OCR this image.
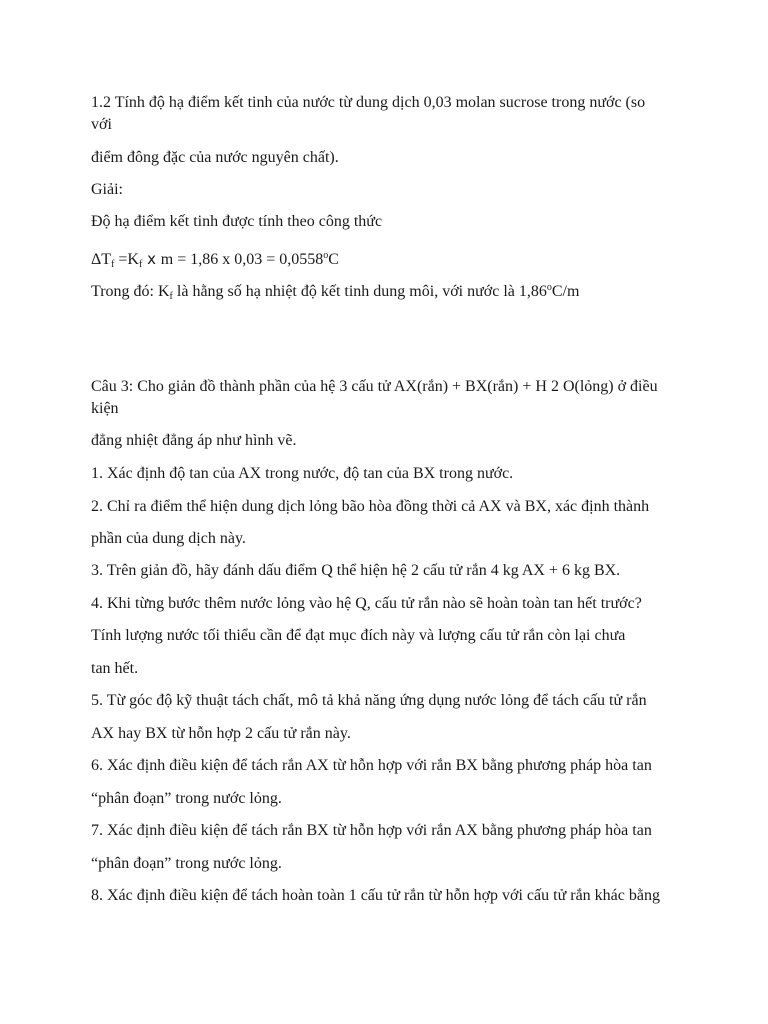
1.2 Tính độ hạ điểm kết tinh của nước từ dung dịch 0,03 molan sucrose trong nước (so
với
điểm đông đặc của nước nguyên chất).
Giải:
Độ hạ điểm kết tinh được tính theo công thức
$\Delta T_f =K_f$ x m = 1,86 x $0,03 = 0,0558^oC$
Trong đó: $K_f$ là hằng số hạ nhiệt độ kết tinh dung môi, với nước là 1,86$^o$C/m
Câu 3: Cho giản đồ thành phần của hệ 3 cấu tử AX(rắn) + BX(rắn) + H 2 O(lỏng) ở điều
kiện
đẳng nhiệt đẳng áp như hình vẽ.
1. Xác định độ tan của AX trong nước, độ tan của BX trong nước.
2. Chỉ ra điểm thể hiện dung dịch lỏng bão hòa đồng thời cả AX và BX, xác định thành
phần của dung dịch này.
3. Trên giản đồ, hãy đánh dấu điểm Q thể hiện hệ 2 cấu tử rắn 4 kg AX + 6 kg BX.
4. Khi từng bước thêm nước lỏng vào hệ Q, cấu tử rắn nào sẽ hoàn toàn tan hết trước?
Tính lượng nước tối thiểu cần để đạt mục đích này và lượng cấu tử rắn còn lại chưa
tan hết.
5. Từ góc độ kỹ thuật tách chất, mô tả khả năng ứng dụng nước lỏng để tách cấu tử rắn
AX hay BX từ hỗn hợp 2 cấu tử rắn này.
6. Xác định điều kiện để tách rắn AX từ hỗn hợp với rắn BX bằng phương pháp hòa tan
“phân đoạn” trong nước lỏng.
7. Xác định điều kiện để tách rắn BX từ hỗn hợp với rắn AX bằng phương pháp hòa tan
“phân đoạn” trong nước lỏng.
8. Xác định điều kiện để tách hoàn toàn 1 cấu tử rắn từ hỗn hợp với cấu tử rắn khác bằng
